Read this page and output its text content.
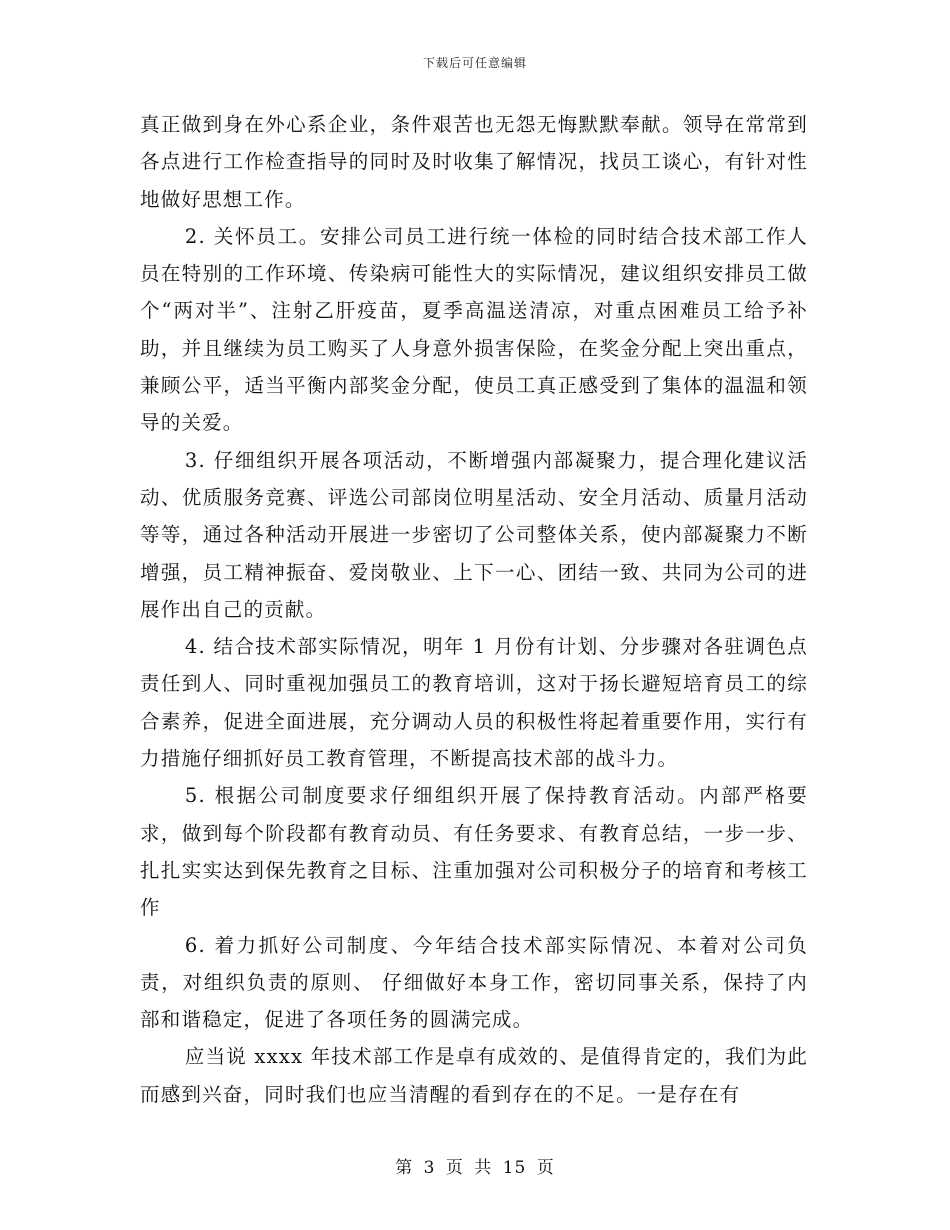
下载后可任意编辑

真正做到身在外心系企业，条件艰苦也无怨无悔默默奉献。领导在常常到各点进行工作检查指导的同时及时收集了解情况，找员工谈心，有针对性地做好思想工作。

2. 关怀员工。安排公司员工进行统一体检的同时结合技术部工作人员在特别的工作环境、传染病可能性大的实际情况，建议组织安排员工做个“两对半”、注射乙肝疫苗，夏季高温送清凉，对重点困难员工给予补助，并且继续为员工购买了人身意外损害保险，在奖金分配上突出重点，兼顾公平，适当平衡内部奖金分配，使员工真正感受到了集体的温温和领导的关爱。

3. 仔细组织开展各项活动，不断增强内部凝聚力，提合理化建议活动、优质服务竞赛、评选公司部岗位明星活动、安全月活动、质量月活动等等，通过各种活动开展进一步密切了公司整体关系，使内部凝聚力不断增强，员工精神振奋、爱岗敬业、上下一心、团结一致、共同为公司的进展作出自己的贡献。

4. 结合技术部实际情况，明年 1 月份有计划、分步骤对各驻调色点责任到人、同时重视加强员工的教育培训，这对于扬长避短培育员工的综合素养，促进全面进展，充分调动人员的积极性将起着重要作用，实行有力措施仔细抓好员工教育管理，不断提高技术部的战斗力。

5. 根据公司制度要求仔细组织开展了保持教育活动。内部严格要求，做到每个阶段都有教育动员、有任务要求、有教育总结，一步一步、扎扎实实达到保先教育之目标、注重加强对公司积极分子的培育和考核工作

6. 着力抓好公司制度、今年结合技术部实际情况、本着对公司负责，对组织负责的原则、 仔细做好本身工作，密切同事关系，保持了内部和谐稳定，促进了各项任务的圆满完成。

应当说 xxxx 年技术部工作是卓有成效的、是值得肯定的，我们为此而感到兴奋，同时我们也应当清醒的看到存在的不足。一是存在有

第 3 页 共 15 页
